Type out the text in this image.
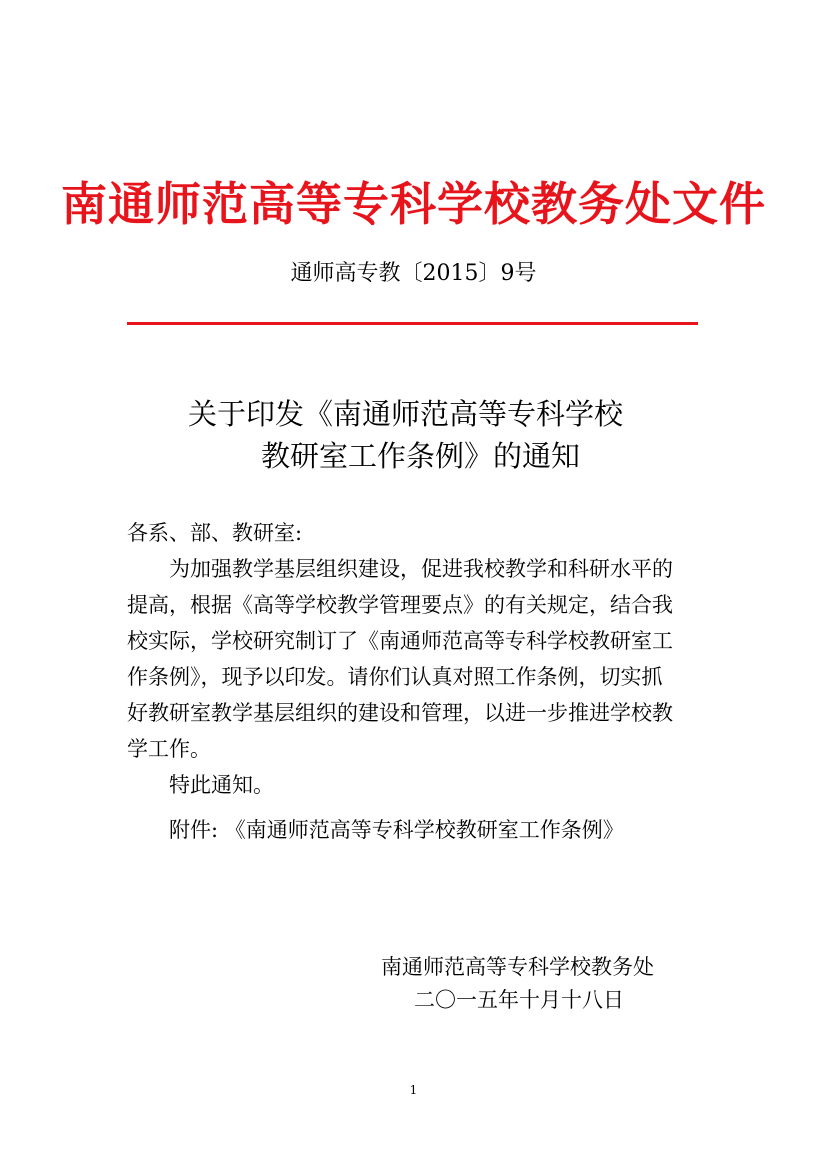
南通师范高等专科学校教务处文件
通师高专教〔2015〕9号
关于印发《南通师范高等专科学校
教研室工作条例》的通知
各系、部、教研室:
为加强教学基层组织建设，促进我校教学和科研水平的
提高，根据《高等学校教学管理要点》的有关规定，结合我
校实际，学校研究制订了《南通师范高等专科学校教研室工
作条例》，现予以印发。请你们认真对照工作条例，切实抓
好教研室教学基层组织的建设和管理，以进一步推进学校教
学工作。
特此通知。
附件: 《南通师范高等专科学校教研室工作条例》
南通师范高等专科学校教务处
二〇一五年十月十八日
1
